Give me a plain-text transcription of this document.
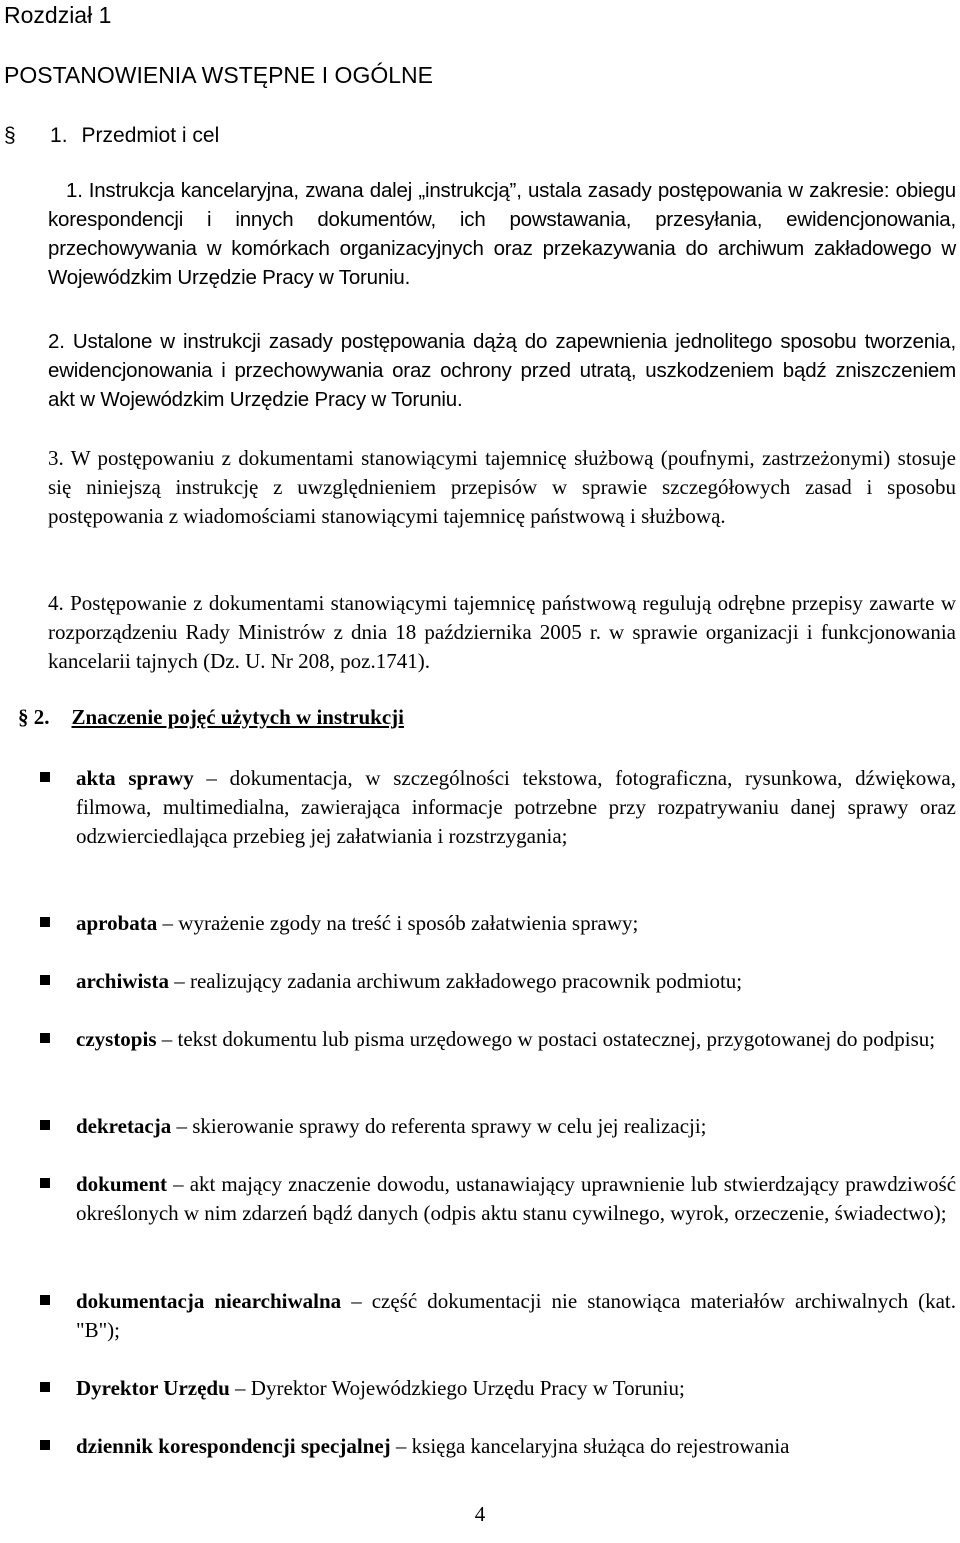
Rozdział 1
POSTANOWIENIA WSTĘPNE I OGÓLNE
§ 1. Przedmiot i cel
1. Instrukcja kancelaryjna, zwana dalej „instrukcją”, ustala zasady postępowania w zakresie: obiegu korespondencji i innych dokumentów, ich powstawania, przesyłania, ewidencjonowania, przechowywania w komórkach organizacyjnych oraz przekazywania do archiwum zakładowego w Wojewódzkim Urzędzie Pracy w Toruniu.
2. Ustalone w instrukcji zasady postępowania dążą do zapewnienia jednolitego sposobu tworzenia, ewidencjonowania i przechowywania oraz ochrony przed utratą, uszkodzeniem bądź zniszczeniem akt w Wojewódzkim Urzędzie Pracy w Toruniu.
3. W postępowaniu z dokumentami stanowiącymi tajemnicę służbową (poufnymi, zastrzeżonymi) stosuje się niniejszą instrukcję z uwzględnieniem przepisów w sprawie szczegółowych zasad i sposobu postępowania z wiadomościami stanowiącymi tajemnicę państwową i służbową.
4. Postępowanie z dokumentami stanowiącymi tajemnicę państwową regulują odrębne przepisy zawarte w rozporządzeniu Rady Ministrów z dnia 18 października 2005 r. w sprawie organizacji i funkcjonowania kancelarii tajnych (Dz. U. Nr 208, poz.1741).
§ 2. Znaczenie pojęć użytych w instrukcji
akta sprawy – dokumentacja, w szczególności tekstowa, fotograficzna, rysunkowa, dźwiękowa, filmowa, multimedialna, zawierająca informacje potrzebne przy rozpatrywaniu danej sprawy oraz odzwierciedlająca przebieg jej załatwiania i rozstrzygania;
aprobata – wyrażenie zgody na treść i sposób załatwienia sprawy;
archiwista – realizujący zadania archiwum zakładowego pracownik podmiotu;
czystopis – tekst dokumentu lub pisma urzędowego w postaci ostatecznej, przygotowanej do podpisu;
dekretacja – skierowanie sprawy do referenta sprawy w celu jej realizacji;
dokument – akt mający znaczenie dowodu, ustanawiający uprawnienie lub stwierdzający prawdziwość określonych w nim zdarzeń bądź danych (odpis aktu stanu cywilnego, wyrok, orzeczenie, świadectwo);
dokumentacja niearchiwalna – część dokumentacji nie stanowiąca materiałów archiwalnych (kat. "B");
Dyrektor Urzędu – Dyrektor Wojewódzkiego Urzędu Pracy w Toruniu;
dziennik korespondencji specjalnej – księga kancelaryjna służąca do rejestrowania
4
